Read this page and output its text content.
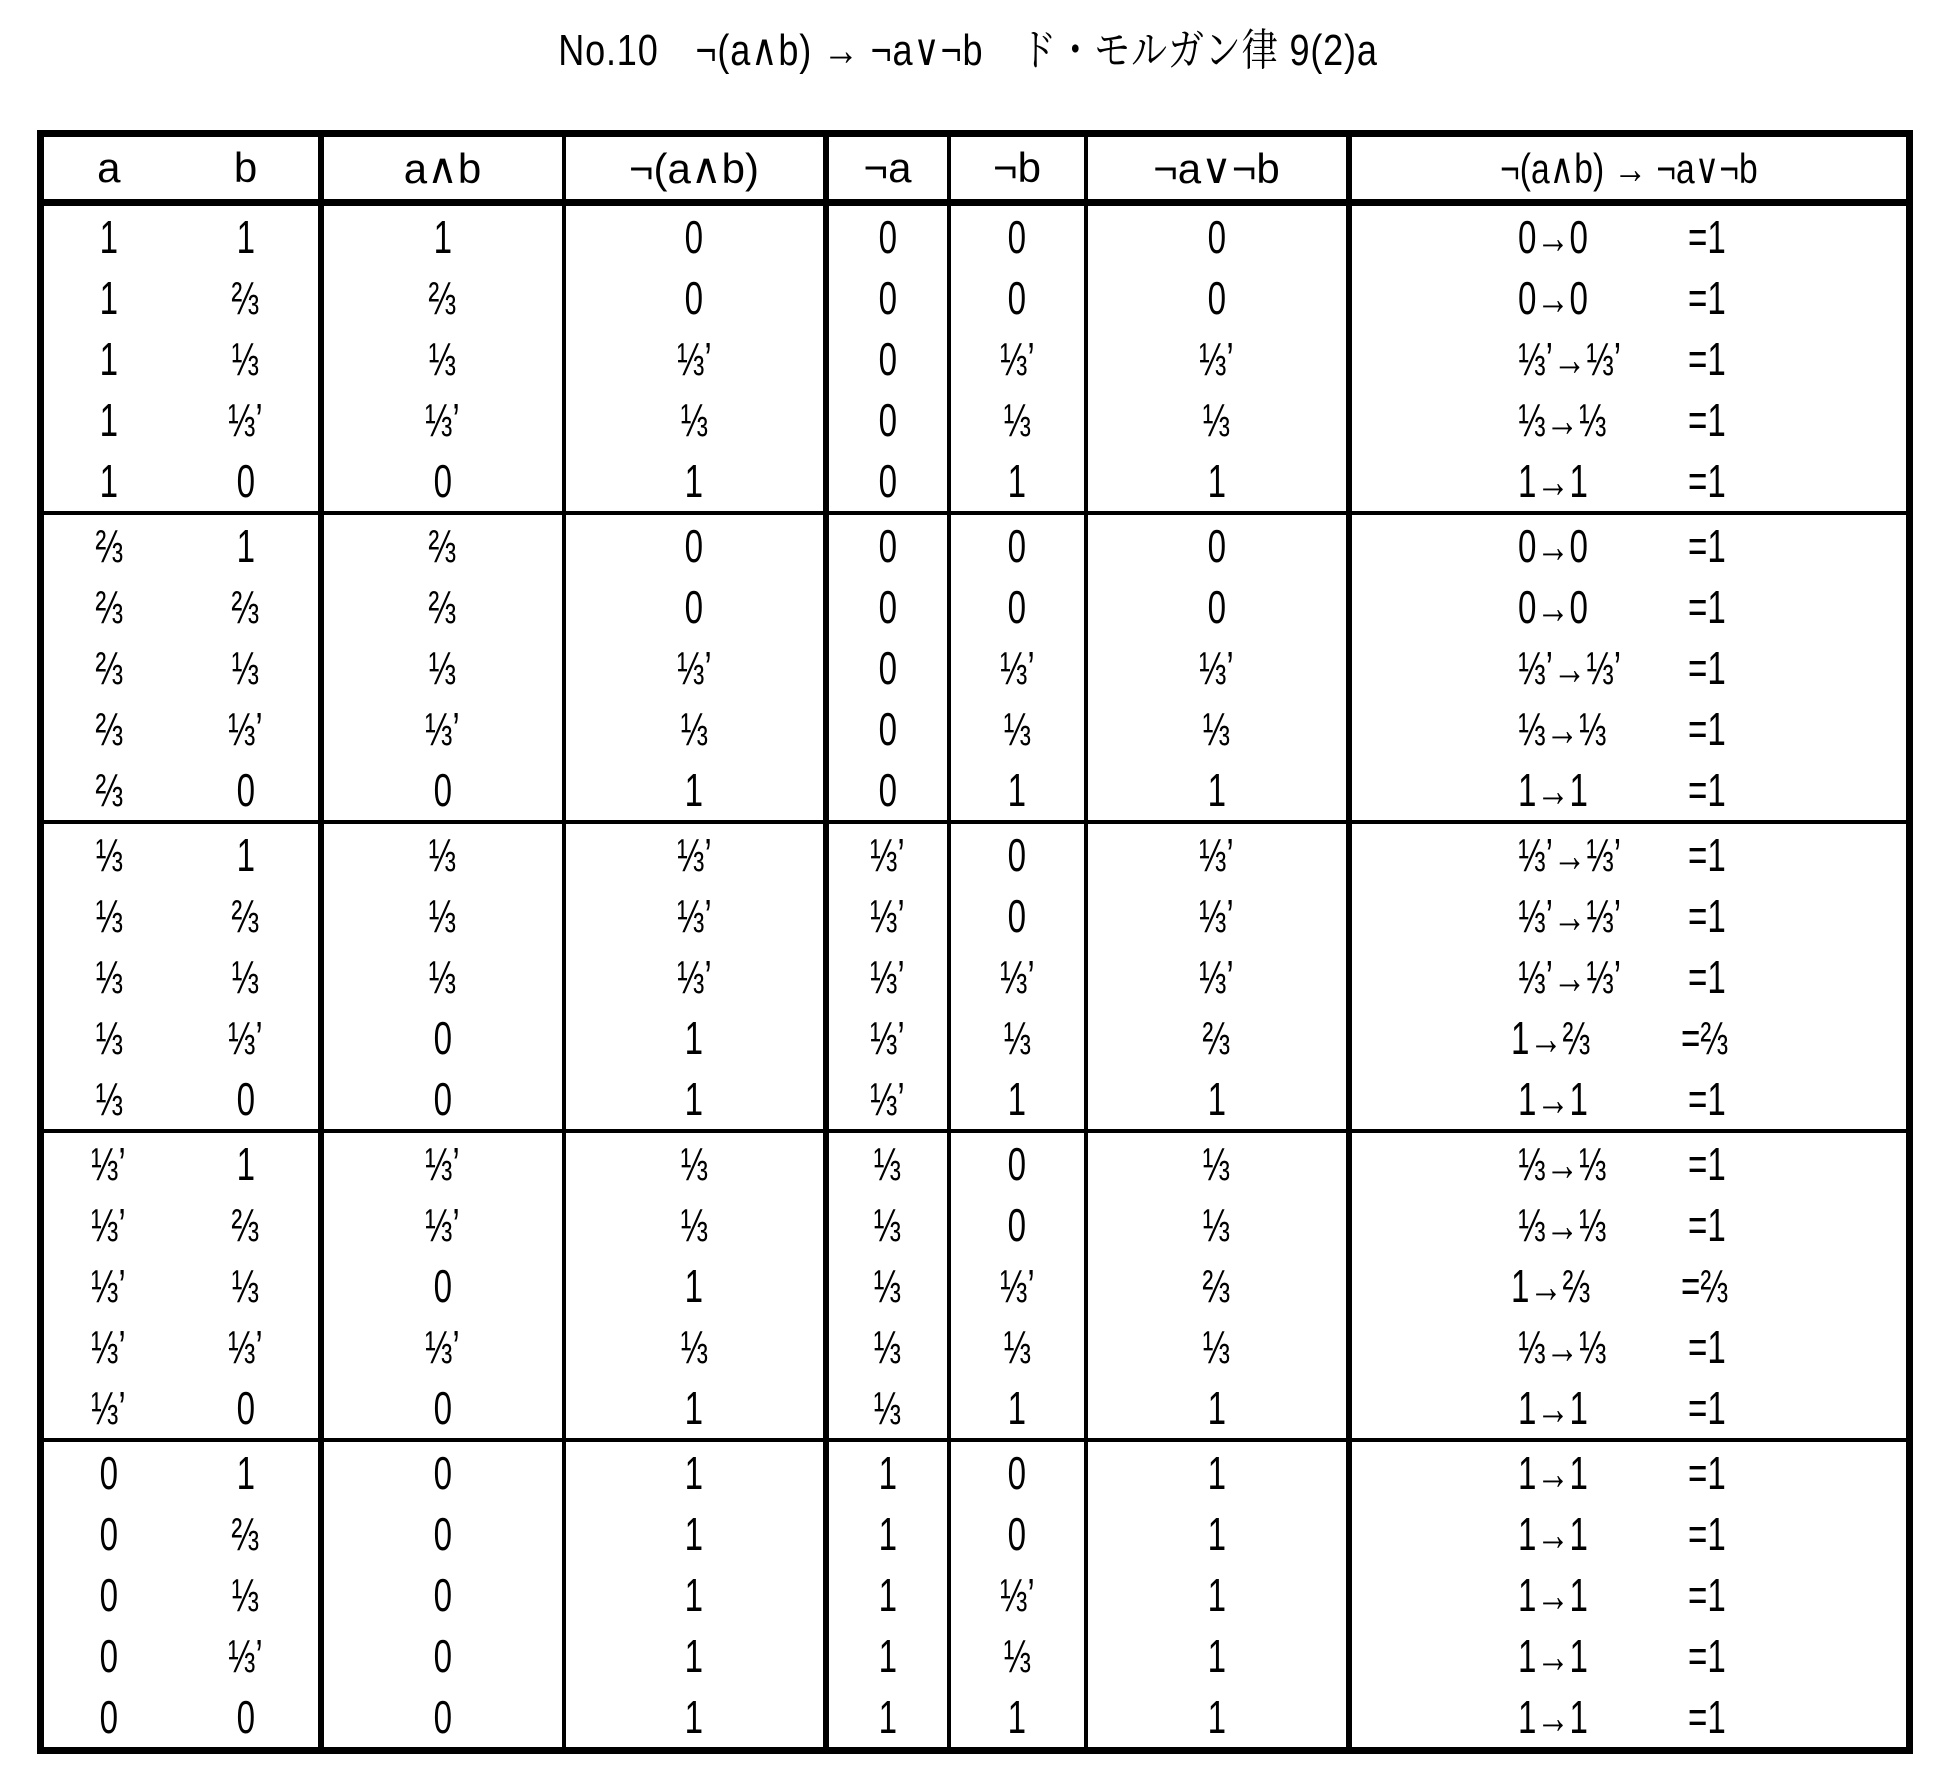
No.10　¬(a∧b) → ¬a∨¬b　ド・モルガン律 9(2)a
a	b	a∧b	¬(a∧b)	¬a	¬b	¬a∨¬b	¬(a∧b) → ¬a∨¬b
1	1	1	0	0	0	0	0→0 =1
1	⅔	⅔	0	0	0	0	0→0 =1
1	⅓	⅓	⅓’	0	⅓’	⅓’	⅓’→⅓’ =1
1	⅓’	⅓’	⅓	0	⅓	⅓	⅓→⅓ =1
1	0	0	1	0	1	1	1→1 =1
⅔	1	⅔	0	0	0	0	0→0 =1
⅔	⅔	⅔	0	0	0	0	0→0 =1
⅔	⅓	⅓	⅓’	0	⅓’	⅓’	⅓’→⅓’ =1
⅔	⅓’	⅓’	⅓	0	⅓	⅓	⅓→⅓ =1
⅔	0	0	1	0	1	1	1→1 =1
⅓	1	⅓	⅓’	⅓’	0	⅓’	⅓’→⅓’ =1
⅓	⅔	⅓	⅓’	⅓’	0	⅓’	⅓’→⅓’ =1
⅓	⅓	⅓	⅓’	⅓’	⅓’	⅓’	⅓’→⅓’ =1
⅓	⅓’	0	1	⅓’	⅓	⅔	1→⅔ =⅔
⅓	0	0	1	⅓’	1	1	1→1 =1
⅓’	1	⅓’	⅓	⅓	0	⅓	⅓→⅓ =1
⅓’	⅔	⅓’	⅓	⅓	0	⅓	⅓→⅓ =1
⅓’	⅓	0	1	⅓	⅓’	⅔	1→⅔ =⅔
⅓’	⅓’	⅓’	⅓	⅓	⅓	⅓	⅓→⅓ =1
⅓’	0	0	1	⅓	1	1	1→1 =1
0	1	0	1	1	0	1	1→1 =1
0	⅔	0	1	1	0	1	1→1 =1
0	⅓	0	1	1	⅓’	1	1→1 =1
0	⅓’	0	1	1	⅓	1	1→1 =1
0	0	0	1	1	1	1	1→1 =1
